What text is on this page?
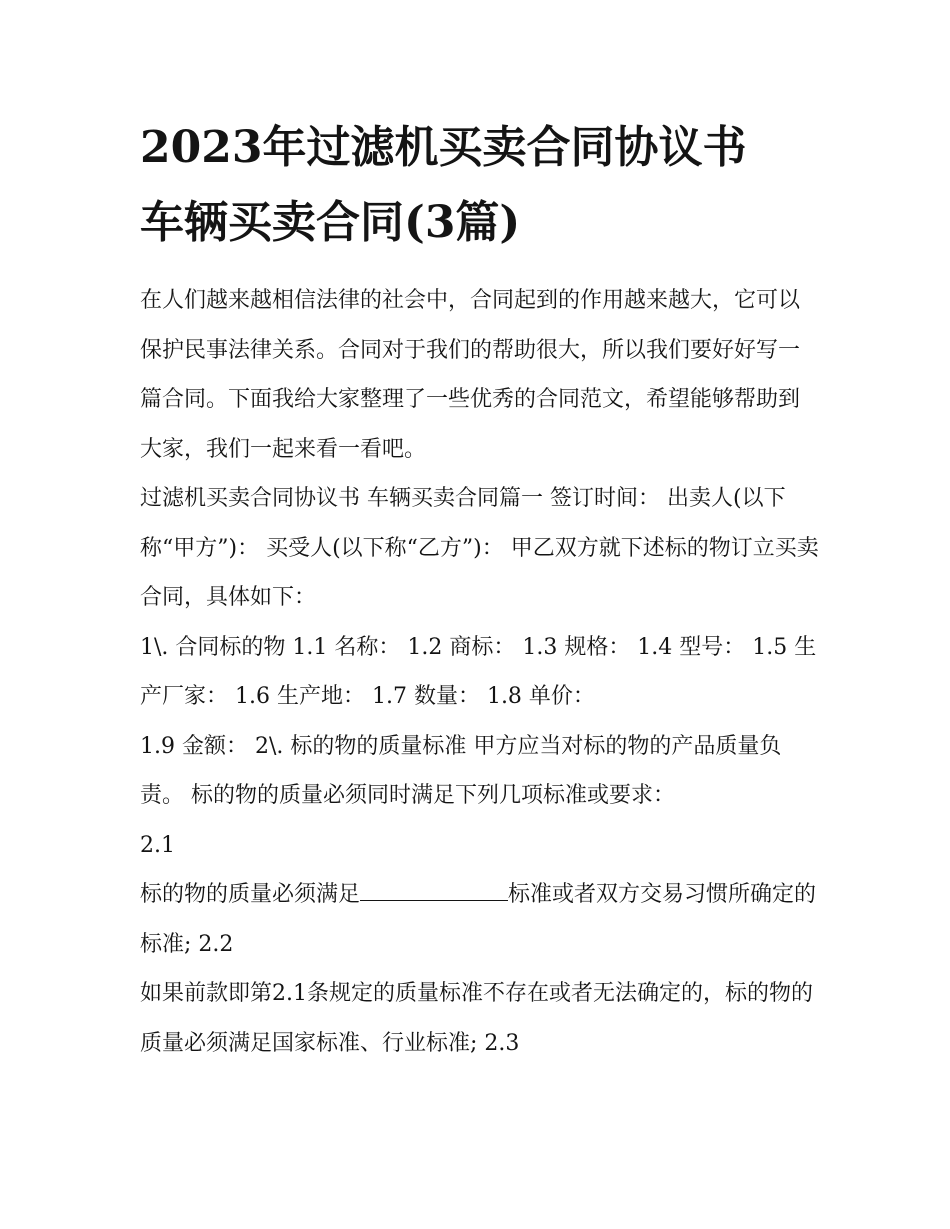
2023年过滤机买卖合同协议书
车辆买卖合同(3篇)

在人们越来越相信法律的社会中，合同起到的作用越来越大，它可以保护民事法律关系。合同对于我们的帮助很大，所以我们要好好写一篇合同。下面我给大家整理了一些优秀的合同范文，希望能够帮助到大家，我们一起来看一看吧。

过滤机买卖合同协议书 车辆买卖合同篇一 签订时间： 出卖人(以下称“甲方”)： 买受人(以下称“乙方”)： 甲乙双方就下述标的物订立买卖合同，具体如下：

1\. 合同标的物 1.1 名称： 1.2 商标： 1.3 规格： 1.4 型号： 1.5 生产厂家： 1.6 生产地： 1.7 数量： 1.8 单价：

1.9 金额： 2\. 标的物的质量标准 甲方应当对标的物的产品质量负责。 标的物的质量必须同时满足下列几项标准或要求：

2.1

标的物的质量必须满足	标准或者双方交易习惯所确定的标准; 2.2

如果前款即第2.1条规定的质量标准不存在或者无法确定的，标的物的质量必须满足国家标准、行业标准; 2.3
